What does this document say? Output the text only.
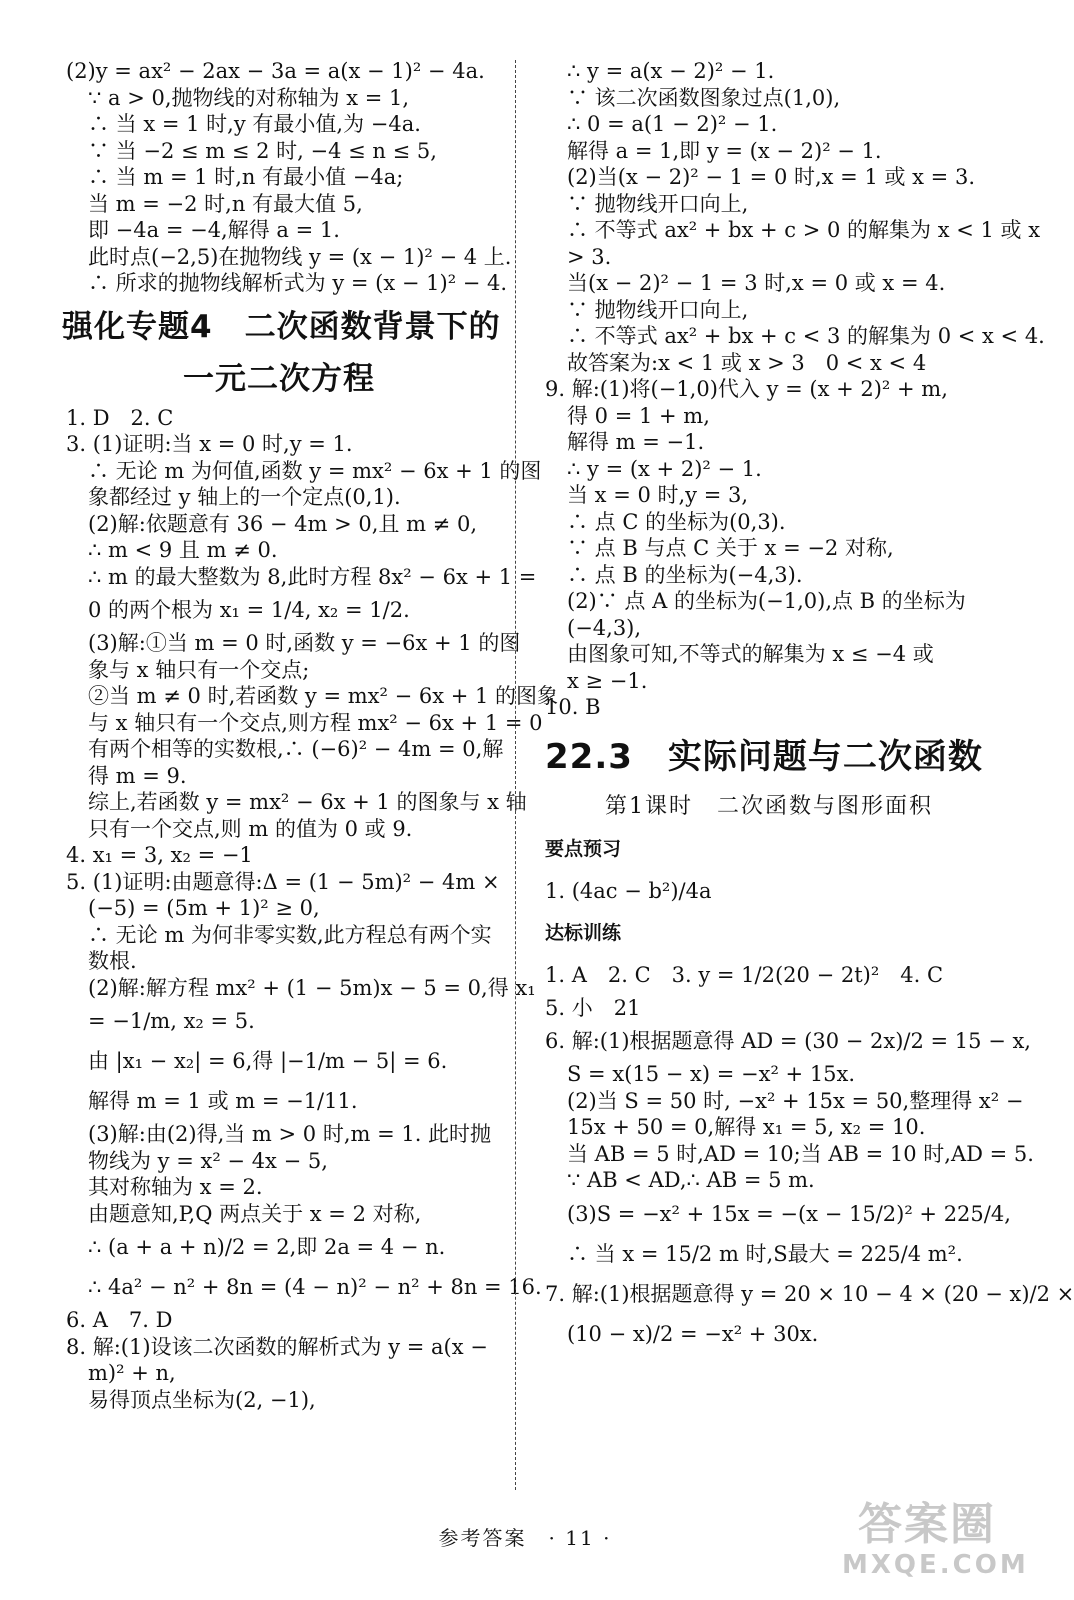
(2)y = ax² − 2ax − 3a = a(x − 1)² − 4a.
∵ a > 0,抛物线的对称轴为 x = 1,
∴ 当 x = 1 时,y 有最小值,为 −4a.
∵ 当 −2 ≤ m ≤ 2 时, −4 ≤ n ≤ 5,
∴ 当 m = 1 时,n 有最小值 −4a;
当 m = −2 时,n 有最大值 5,
即 −4a = −4,解得 a = 1.
此时点(−2,5)在抛物线 y = (x − 1)² − 4 上.
∴ 所求的抛物线解析式为 y = (x − 1)² − 4.
强化专题4　二次函数背景下的
一元二次方程
1. D　2. C
3. (1)证明:当 x = 0 时,y = 1.
∴ 无论 m 为何值,函数 y = mx² − 6x + 1 的图
象都经过 y 轴上的一个定点(0,1).
(2)解:依题意有 36 − 4m > 0,且 m ≠ 0,
∴ m < 9 且 m ≠ 0.
∴ m 的最大整数为 8,此时方程 8x² − 6x + 1 =
0 的两个根为 x₁ = 1/4, x₂ = 1/2.
(3)解:①当 m = 0 时,函数 y = −6x + 1 的图
象与 x 轴只有一个交点;
②当 m ≠ 0 时,若函数 y = mx² − 6x + 1 的图象
与 x 轴只有一个交点,则方程 mx² − 6x + 1 = 0
有两个相等的实数根,∴ (−6)² − 4m = 0,解
得 m = 9.
综上,若函数 y = mx² − 6x + 1 的图象与 x 轴
只有一个交点,则 m 的值为 0 或 9.
4. x₁ = 3, x₂ = −1
5. (1)证明:由题意得:Δ = (1 − 5m)² − 4m ×
(−5) = (5m + 1)² ≥ 0,
∴ 无论 m 为何非零实数,此方程总有两个实
数根.
(2)解:解方程 mx² + (1 − 5m)x − 5 = 0,得 x₁
= −1/m, x₂ = 5.
由 |x₁ − x₂| = 6,得 |−1/m − 5| = 6.
解得 m = 1 或 m = −1/11.
(3)解:由(2)得,当 m > 0 时,m = 1. 此时抛
物线为 y = x² − 4x − 5,
其对称轴为 x = 2.
由题意知,P,Q 两点关于 x = 2 对称,
∴ (a + a + n)/2 = 2,即 2a = 4 − n.
∴ 4a² − n² + 8n = (4 − n)² − n² + 8n = 16.
6. A　7. D
8. 解:(1)设该二次函数的解析式为 y = a(x −
m)² + n,
易得顶点坐标为(2, −1),
∴ y = a(x − 2)² − 1.
∵ 该二次函数图象过点(1,0),
∴ 0 = a(1 − 2)² − 1.
解得 a = 1,即 y = (x − 2)² − 1.
(2)当(x − 2)² − 1 = 0 时,x = 1 或 x = 3.
∵ 抛物线开口向上,
∴ 不等式 ax² + bx + c > 0 的解集为 x < 1 或 x
> 3.
当(x − 2)² − 1 = 3 时,x = 0 或 x = 4.
∵ 抛物线开口向上,
∴ 不等式 ax² + bx + c < 3 的解集为 0 < x < 4.
故答案为:x < 1 或 x > 3　0 < x < 4
9. 解:(1)将(−1,0)代入 y = (x + 2)² + m,
得 0 = 1 + m,
解得 m = −1.
∴ y = (x + 2)² − 1.
当 x = 0 时,y = 3,
∴ 点 C 的坐标为(0,3).
∵ 点 B 与点 C 关于 x = −2 对称,
∴ 点 B 的坐标为(−4,3).
(2)∵ 点 A 的坐标为(−1,0),点 B 的坐标为
(−4,3),
由图象可知,不等式的解集为 x ≤ −4 或
x ≥ −1.
10. B
22.3　实际问题与二次函数
第1课时　二次函数与图形面积
要点预习
1. (4ac − b²)/4a
达标训练
1. A　2. C　3. y = 1/2(20 − 2t)²　4. C
5. 小　21
6. 解:(1)根据题意得 AD = (30 − 2x)/2 = 15 − x,
S = x(15 − x) = −x² + 15x.
(2)当 S = 50 时, −x² + 15x = 50,整理得 x² −
15x + 50 = 0,解得 x₁ = 5, x₂ = 10.
当 AB = 5 时,AD = 10;当 AB = 10 时,AD = 5.
∵ AB < AD,∴ AB = 5 m.
(3)S = −x² + 15x = −(x − 15/2)² + 225/4,
∴ 当 x = 15/2 m 时,S最大 = 225/4 m².
7. 解:(1)根据题意得 y = 20 × 10 − 4 × (20 − x)/2 ×
(10 − x)/2 = −x² + 30x.
参考答案　· 11 ·	答案圈
MXQE.COM
